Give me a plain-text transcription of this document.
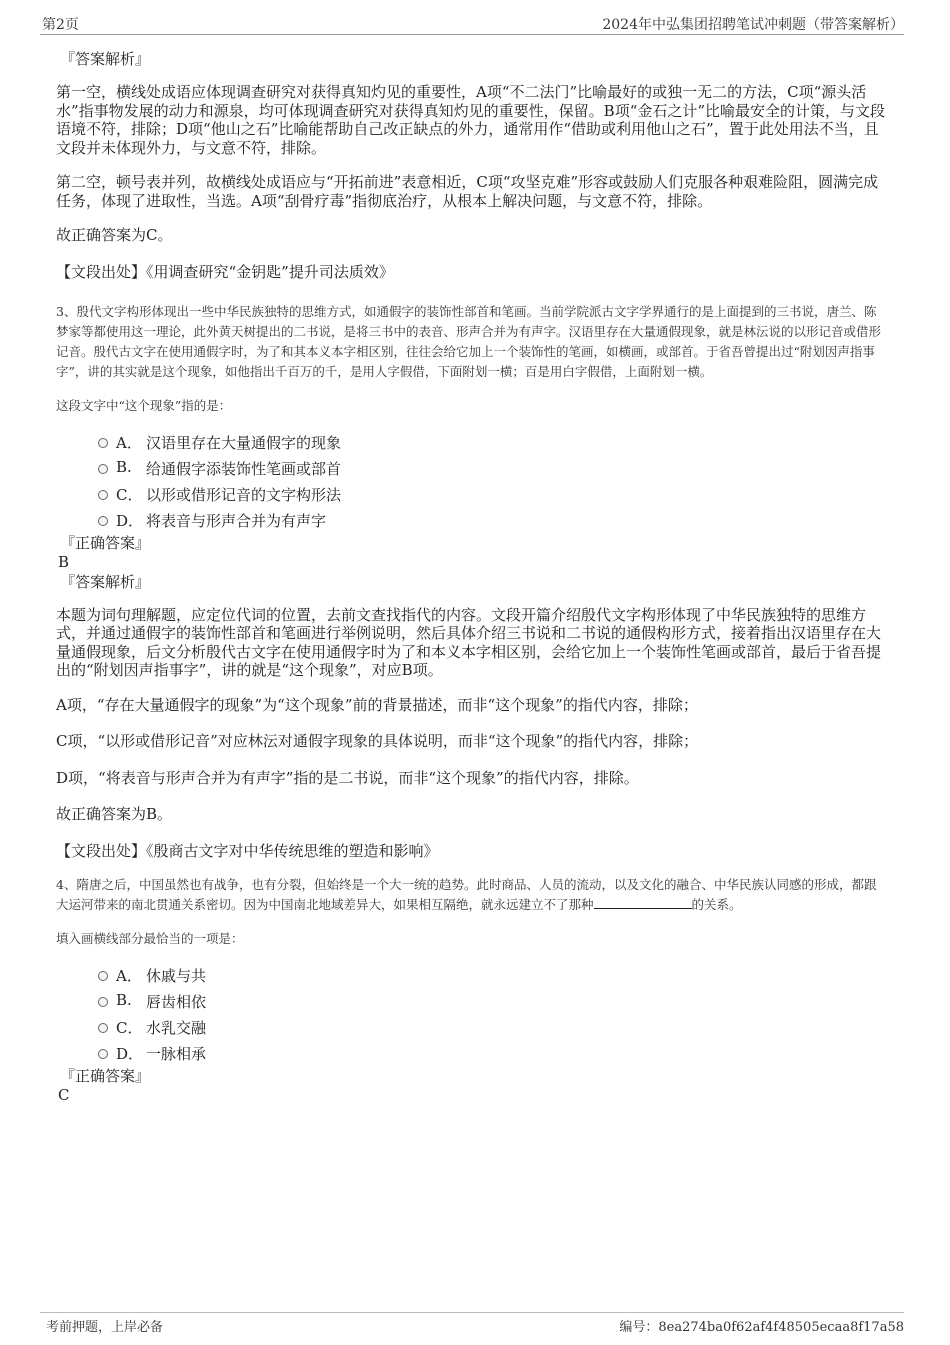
第2页	2024年中弘集团招聘笔试冲刺题（带答案解析）
『答案解析』

第一空，横线处成语应体现调查研究对获得真知灼见的重要性，A项“不二法门”比喻最好的或独一无二的方法，C项“源头活水”指事物发展的动力和源泉，均可体现调查研究对获得真知灼见的重要性，保留。B项“金石之计”比喻最安全的计策，与文段语境不符，排除；D项“他山之石”比喻能帮助自己改正缺点的外力，通常用作“借助或利用他山之石”，置于此处用法不当，且文段并未体现外力，与文意不符，排除。

第二空，顿号表并列，故横线处成语应与“开拓前进”表意相近，C项“攻坚克难”形容或鼓励人们克服各种艰难险阻，圆满完成任务，体现了进取性，当选。A项“刮骨疗毒”指彻底治疗，从根本上解决问题，与文意不符，排除。

故正确答案为C。

【文段出处】《用调查研究“金钥匙”提升司法质效》

3、殷代文字构形体现出一些中华民族独特的思维方式，如通假字的装饰性部首和笔画。当前学院派古文字学界通行的是上面提到的三书说，唐兰、陈梦家等都使用这一理论，此外黄天树提出的二书说，是将三书中的表音、形声合并为有声字。汉语里存在大量通假现象，就是林沄说的以形记音或借形记音。殷代古文字在使用通假字时，为了和其本义本字相区别，往往会给它加上一个装饰性的笔画，如横画，或部首。于省吾曾提出过“附划因声指事字”，讲的其实就是这个现象，如他指出千百万的千，是用人字假借，下面附划一横；百是用白字假借，上面附划一横。

这段文字中“这个现象”指的是：

A． 汉语里存在大量通假字的现象
B. 给通假字添装饰性笔画或部首
C． 以形或借形记音的文字构形法
D． 将表音与形声合并为有声字
『正确答案』
B
『答案解析』

本题为词句理解题，应定位代词的位置，去前文查找指代的内容。文段开篇介绍殷代文字构形体现了中华民族独特的思维方式，并通过通假字的装饰性部首和笔画进行举例说明，然后具体介绍三书说和二书说的通假构形方式，接着指出汉语里存在大量通假现象，后文分析殷代古文字在使用通假字时为了和本义本字相区别，会给它加上一个装饰性笔画或部首，最后于省吾提出的“附划因声指事字”，讲的就是“这个现象”，对应B项。

A项，“存在大量通假字的现象”为“这个现象”前的背景描述，而非“这个现象”的指代内容，排除；

C项，“以形或借形记音”对应林沄对通假字现象的具体说明，而非“这个现象”的指代内容，排除；

D项，“将表音与形声合并为有声字”指的是二书说，而非“这个现象”的指代内容，排除。

故正确答案为B。

【文段出处】《殷商古文字对中华传统思维的塑造和影响》

4、隋唐之后，中国虽然也有战争，也有分裂，但始终是一个大一统的趋势。此时商品、人员的流动，以及文化的融合、中华民族认同感的形成，都跟大运河带来的南北贯通关系密切。因为中国南北地域差异大，如果相互隔绝，就永远建立不了那种	的关系。

填入画横线部分最恰当的一项是：

A． 休戚与共
B. 唇齿相依
C． 水乳交融
D． 一脉相承
『正确答案』
C
考前押题，上岸必备	编号：8ea274ba0f62af4f48505ecaa8f17a58
